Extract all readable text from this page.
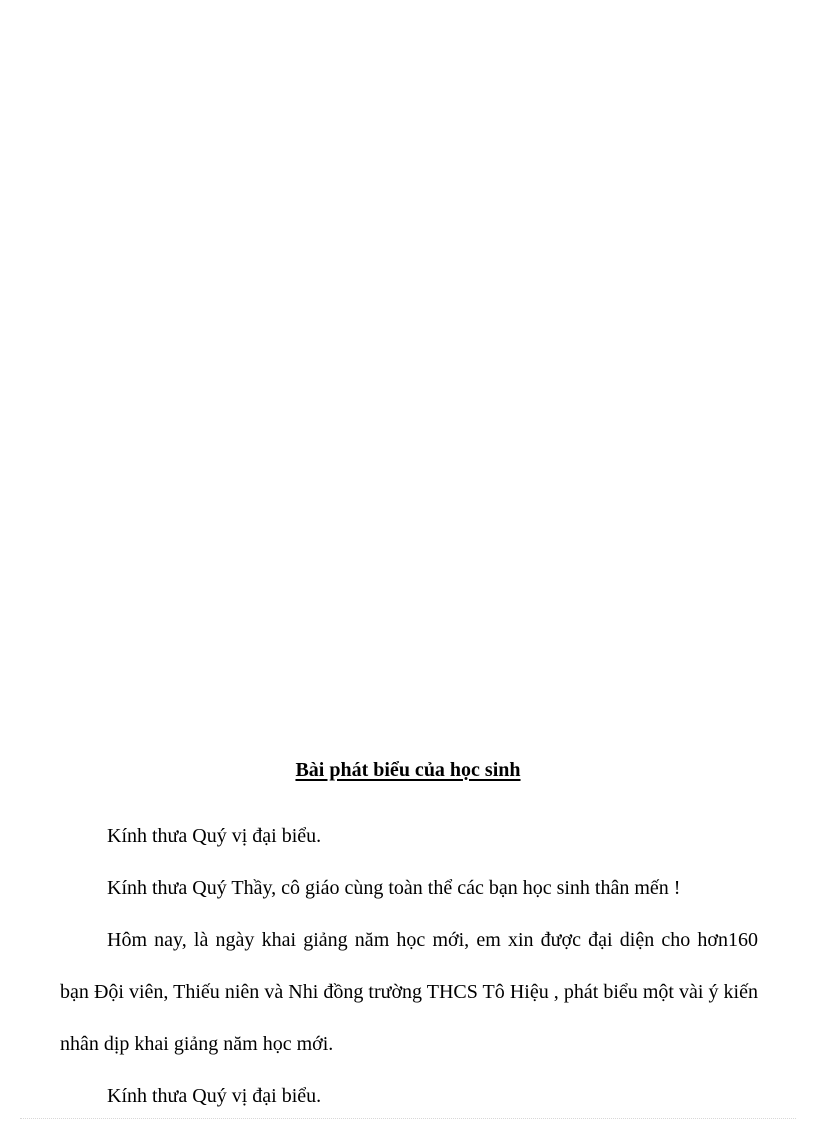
Bài phát biểu của học sinh

Kính thưa Quý vị đại biểu.

Kính thưa Quý Thầy, cô giáo cùng toàn thể các bạn học sinh thân mến !

Hôm nay, là ngày khai giảng năm học mới, em xin được đại diện cho hơn160 bạn Đội viên, Thiếu niên và Nhi đồng trường THCS Tô Hiệu , phát biểu một vài ý kiến nhân dịp khai giảng năm học mới.

Kính thưa Quý vị đại biểu.
